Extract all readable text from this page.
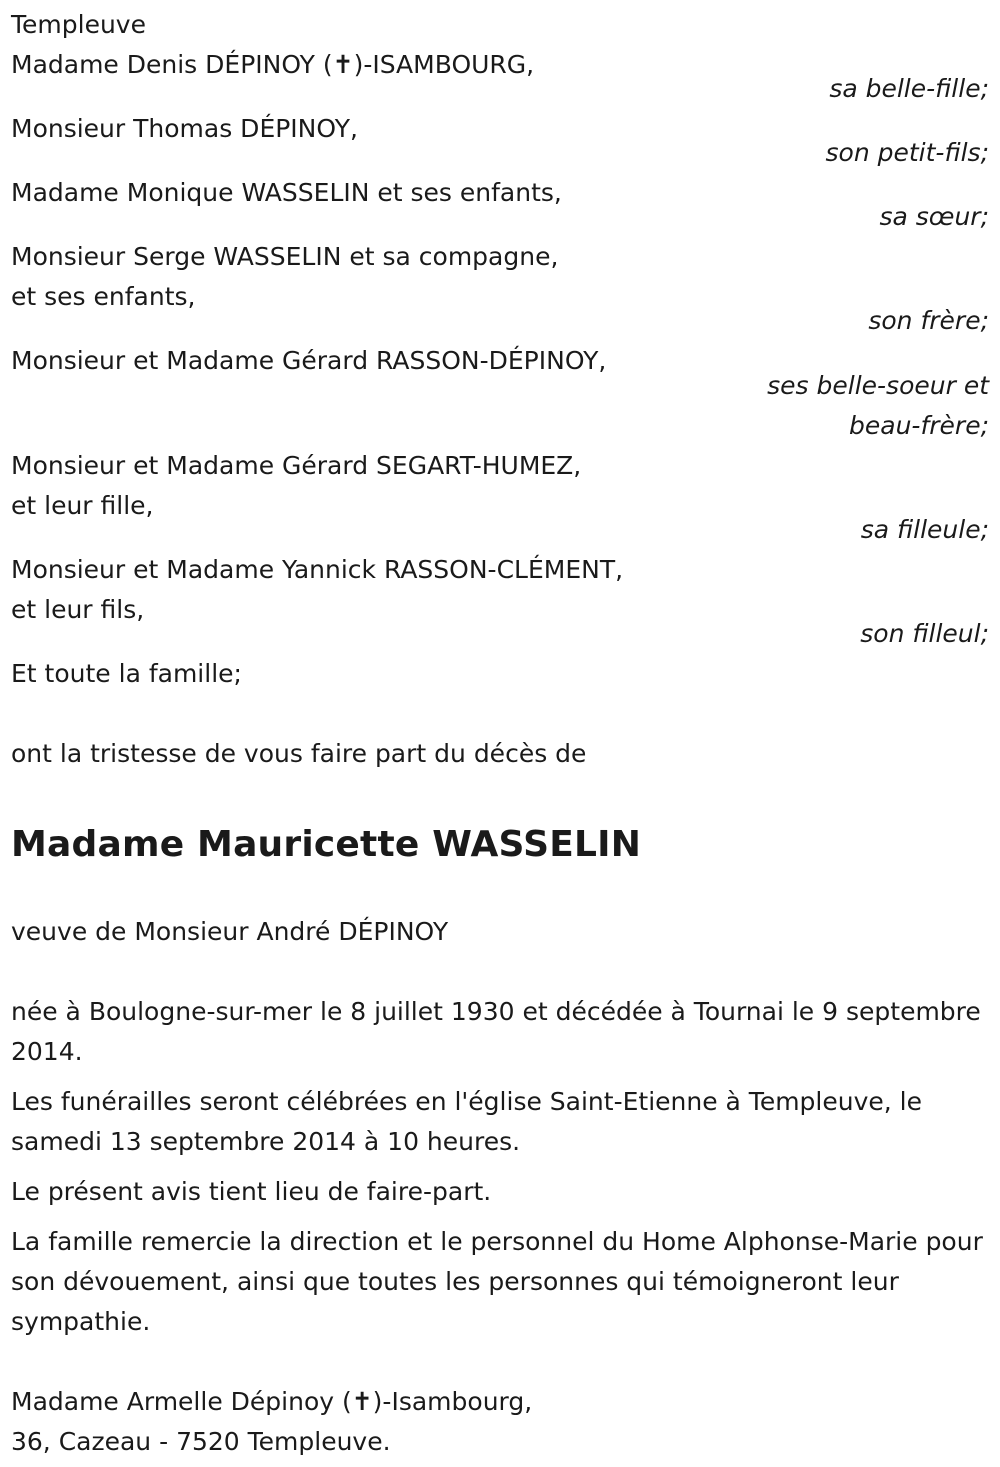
Templeuve

Madame Denis DÉPINOY (✝)-ISAMBOURG,

sa belle-fille;

Monsieur Thomas DÉPINOY,

son petit-fils;

Madame Monique WASSELIN et ses enfants,

sa sœur;

Monsieur Serge WASSELIN et sa compagne,

et ses enfants,

son frère;

Monsieur et Madame Gérard RASSON-DÉPINOY,

ses belle-soeur et

beau-frère;

Monsieur et Madame Gérard SEGART-HUMEZ,

et leur fille,

sa filleule;

Monsieur et Madame Yannick RASSON-CLÉMENT,

et leur fils,

son filleul;

Et toute la famille;

ont la tristesse de vous faire part du décès de

Madame Mauricette WASSELIN

veuve de Monsieur André DÉPINOY

née à Boulogne-sur-mer le 8 juillet 1930 et décédée à Tournai le 9 septembre 2014.

Les funérailles seront célébrées en l'église Saint-Etienne à Templeuve, le samedi 13 septembre 2014 à 10 heures.

Le présent avis tient lieu de faire-part.

La famille remercie la direction et le personnel du Home Alphonse-Marie pour son dévouement, ainsi que toutes les personnes qui témoigneront leur sympathie.

Madame Armelle Dépinoy (✝)-Isambourg,

36, Cazeau - 7520 Templeuve.
